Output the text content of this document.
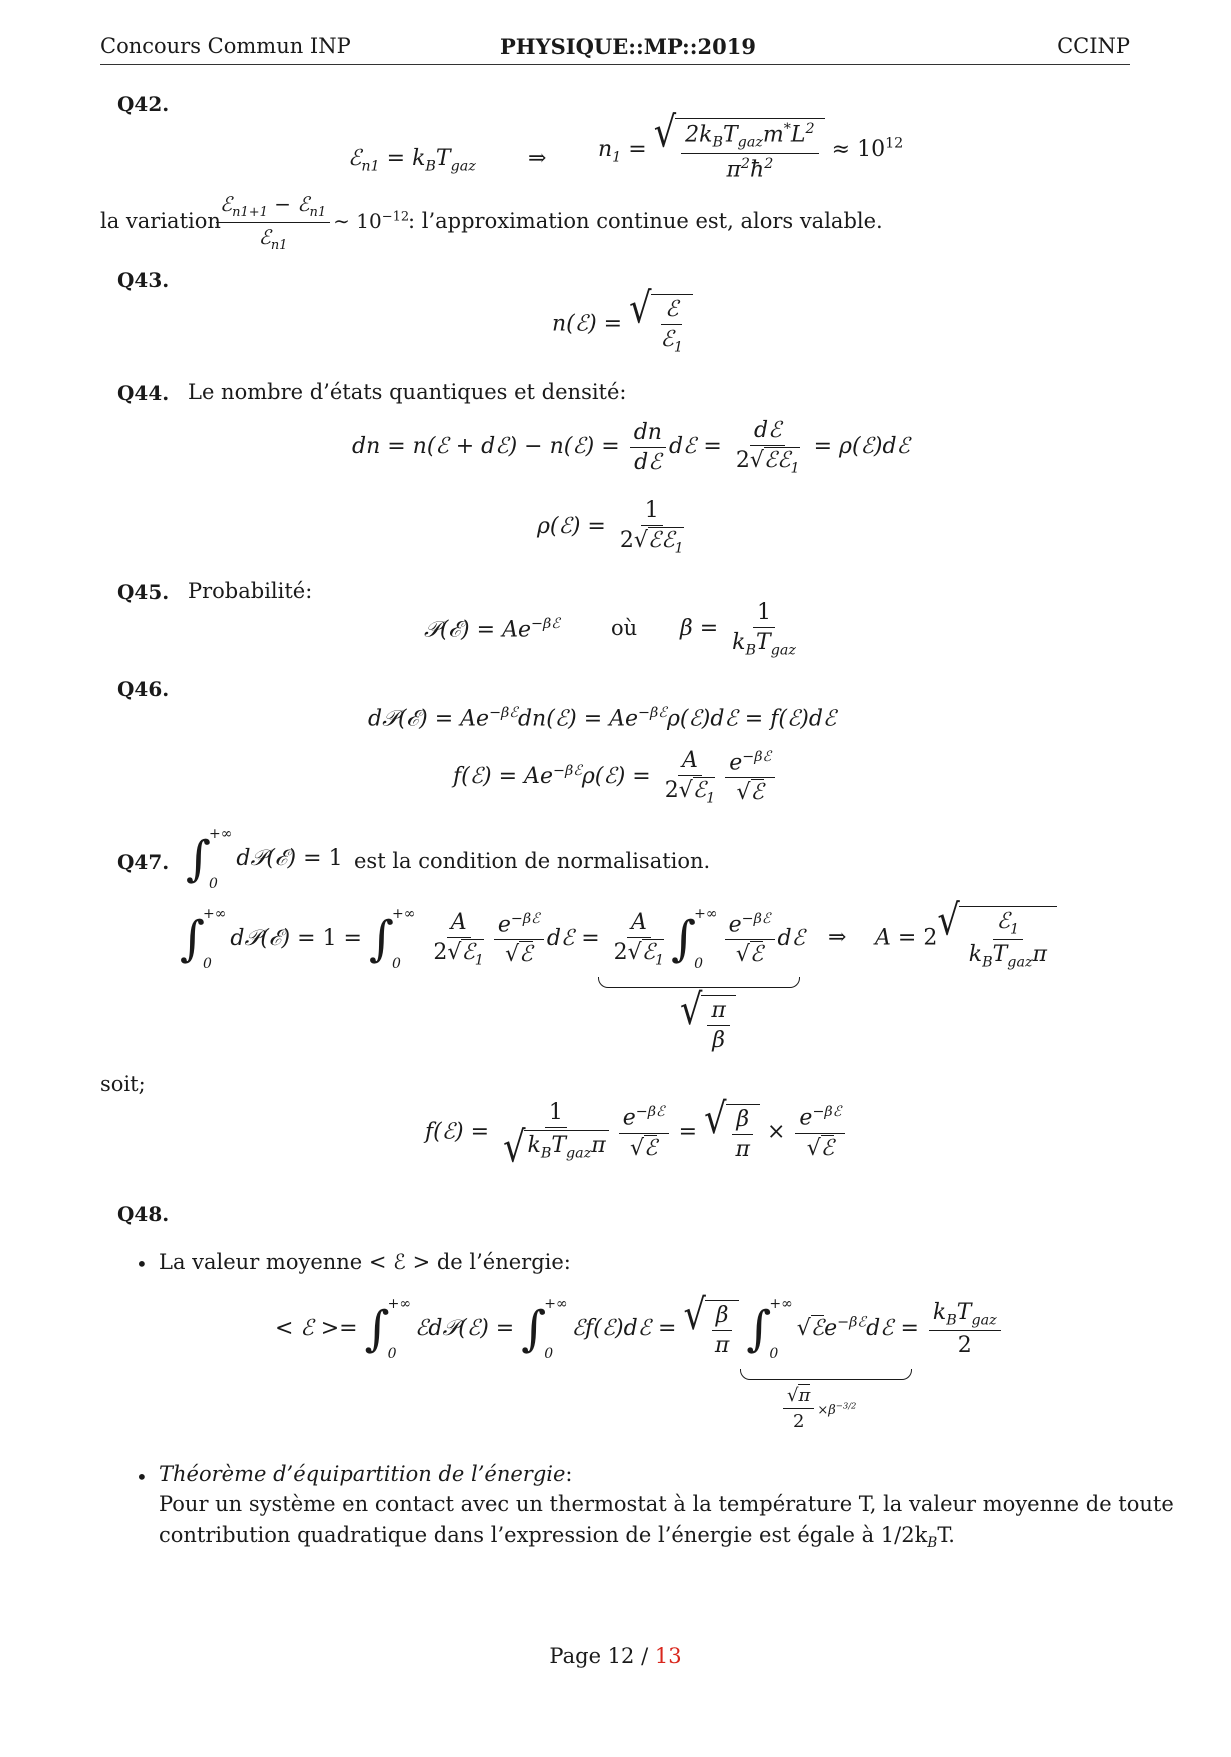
Concours Commun INP	PHYSIQUE::MP::2019	CCINP
Q42.
ℰ$_{n1}$ = $k_BT_{gaz}$ ⇒ $n_1$ = √ $\frac{2k_BT_{gaz}m^*L^2}{\pi^2ħ^2} \approx 10^{12}$
la variation
$\frac{ℰ_{n1+1} - ℰ_{n1}}{ℰ_{n1}}$ ∼ $10^{-12}$
: l’approximation continue est, alors valable.
Q43.
n(ℰ) = √ $\frac{\text{ℰ}}{ℰ_1}$
Q44. Le nombre d’états quantiques et densité:
dn = n(ℰ + dℰ) − n(ℰ) = $\frac{dn}{\text{dℰ}}$ dℰ = $\frac{\text{dℰ}}{2√ℰℰ_1}$ = ρ(ℰ)dℰ
ρ(ℰ) = $\frac{1}{2√ℰℰ_1}$
Q45. Probabilité:
𝒫(ℰ) = $Ae^{-\beta ℰ}$ où $\beta = \frac{1}{k_BT_{gaz}}$
Q46.
d𝒫(ℰ) = $Ae^{-\beta ℰ}dn(ℰ)$ = $Ae^{-\beta ℰ}\rho(ℰ)dℰ$ = f(ℰ)dℰ
f(ℰ) = $Ae^{-\beta ℰ}\rho(ℰ) = \frac{A}{2√ℰ_1} \frac{e^{-\beta ℰ}}{\text{√ℰ}}$
Q47. ∫
+∞
0
d𝒫(ℰ) = 1 est la condition de normalisation.
∫
+∞
0
d𝒫(ℰ) = 1 = ∫
+∞
0
	$\frac{A}{2√ℰ_1} \frac{e^{-\beta ℰ}}{\text{√ℰ}}$ dℰ = $\frac{A}{2√ℰ_1}$ ∫
+∞
$0 \frac{e^{-\beta ℰ}}{\text{√ℰ}}$ dℰ
√ $\frac{\pi}{\beta}$
⇒ A = 2 √ $\frac{ℰ_1}{k_BT_{gaz}\pi}$
soit;
f(ℰ) = $\frac{1}{√ k_BT_{gaz}\pi} \frac{e^{-\beta ℰ}}{\text{√ℰ}}$ = √ $\frac{\beta}{\pi} \times \frac{e^{-\beta ℰ}}{\text{√ℰ}}$
Q48.
• La valeur moyenne < ℰ > de l’énergie:
< ℰ >= ∫
+∞
0
ℰd𝒫(ℰ) = ∫
+∞
0
ℰf(ℰ)dℰ = √ $\frac{\beta}{\pi}$ ∫
+∞
0
√ℰe$^{-\beta ℰ}$dℰ = $\frac{k_BT_{gaz}}{2}$
$\frac{√\pi}{2} \times\beta^{-3/2}$
• Théorème d’équipartition de l’énergie:
Pour un système en contact avec un thermostat à la température T, la valeur moyenne de toute
contribution quadratique dans l’expression de l’énergie est égale à $1/2k_BT$.
Page 12 / 13
